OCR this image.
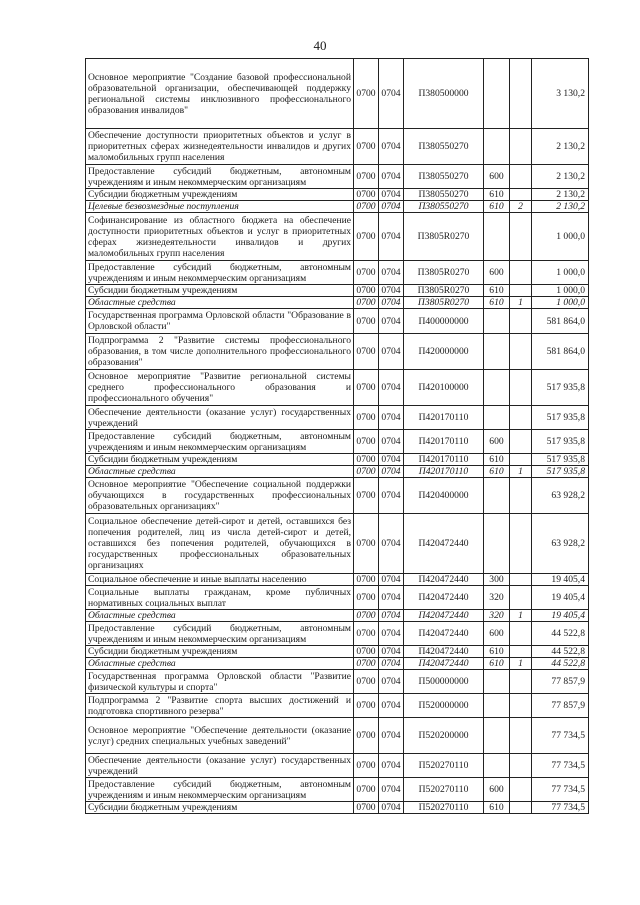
40
Основное мероприятие "Создание базовой профессиональной образовательной организации, обеспечивающей поддержку региональной системы инклюзивного профессионального образования инвалидов"	0700	0704	П380500000			3 130,2
Обеспечение доступности приоритетных объектов и услуг в приоритетных сферах жизнедеятельности инвалидов и других маломобильных групп населения	0700	0704	П380550270			2 130,2
Предоставление субсидий бюджетным, автономным учреждениям и иным некоммерческим организациям	0700	0704	П380550270	600		2 130,2
Субсидии бюджетным учреждениям	0700	0704	П380550270	610		2 130,2
Целевые безвозмездные поступления	0700	0704	П380550270	610	2	2 130,2
Софинансирование из областного бюджета на обеспечение доступности приоритетных объектов и услуг в приоритетных сферах жизнедеятельности инвалидов и других маломобильных групп населения	0700	0704	П3805R0270			1 000,0
Предоставление субсидий бюджетным, автономным учреждениям и иным некоммерческим организациям	0700	0704	П3805R0270	600		1 000,0
Субсидии бюджетным учреждениям	0700	0704	П3805R0270	610		1 000,0
Областные средства	0700	0704	П3805R0270	610	1	1 000,0
Государственная программа Орловской области "Образование в Орловской области"	0700	0704	П400000000			581 864,0
Подпрограмма 2 "Развитие системы профессионального образования, в том числе дополнительного профессионального образования"	0700	0704	П420000000			581 864,0
Основное мероприятие "Развитие региональной системы среднего профессионального образования и профессионального обучения"	0700	0704	П420100000			517 935,8
Обеспечение деятельности (оказание услуг) государственных учреждений	0700	0704	П420170110			517 935,8
Предоставление субсидий бюджетным, автономным учреждениям и иным некоммерческим организациям	0700	0704	П420170110	600		517 935,8
Субсидии бюджетным учреждениям	0700	0704	П420170110	610		517 935,8
Областные средства	0700	0704	П420170110	610	1	517 935,8
Основное мероприятие "Обеспечение социальной поддержки обучающихся в государственных профессиональных образовательных организациях"	0700	0704	П420400000			63 928,2
Социальное обеспечение детей-сирот и детей, оставшихся без попечения родителей, лиц из числа детей-сирот и детей, оставшихся без попечения родителей, обучающихся в государственных профессиональных образовательных организациях	0700	0704	П420472440			63 928,2
Социальное обеспечение и иные выплаты населению	0700	0704	П420472440	300		19 405,4
Социальные выплаты гражданам, кроме публичных нормативных социальных выплат	0700	0704	П420472440	320		19 405,4
Областные средства	0700	0704	П420472440	320	1	19 405,4
Предоставление субсидий бюджетным, автономным учреждениям и иным некоммерческим организациям	0700	0704	П420472440	600		44 522,8
Субсидии бюджетным учреждениям	0700	0704	П420472440	610		44 522,8
Областные средства	0700	0704	П420472440	610	1	44 522,8
Государственная программа Орловской области "Развитие физической культуры и спорта"	0700	0704	П500000000			77 857,9
Подпрограмма 2 "Развитие спорта высших достижений и подготовка спортивного резерва"	0700	0704	П520000000			77 857,9
Основное мероприятие "Обеспечение деятельности (оказание услуг) средних специальных учебных заведений"	0700	0704	П520200000			77 734,5
Обеспечение деятельности (оказание услуг) государственных учреждений	0700	0704	П520270110			77 734,5
Предоставление субсидий бюджетным, автономным учреждениям и иным некоммерческим организациям	0700	0704	П520270110	600		77 734,5
Субсидии бюджетным учреждениям	0700	0704	П520270110	610		77 734,5
